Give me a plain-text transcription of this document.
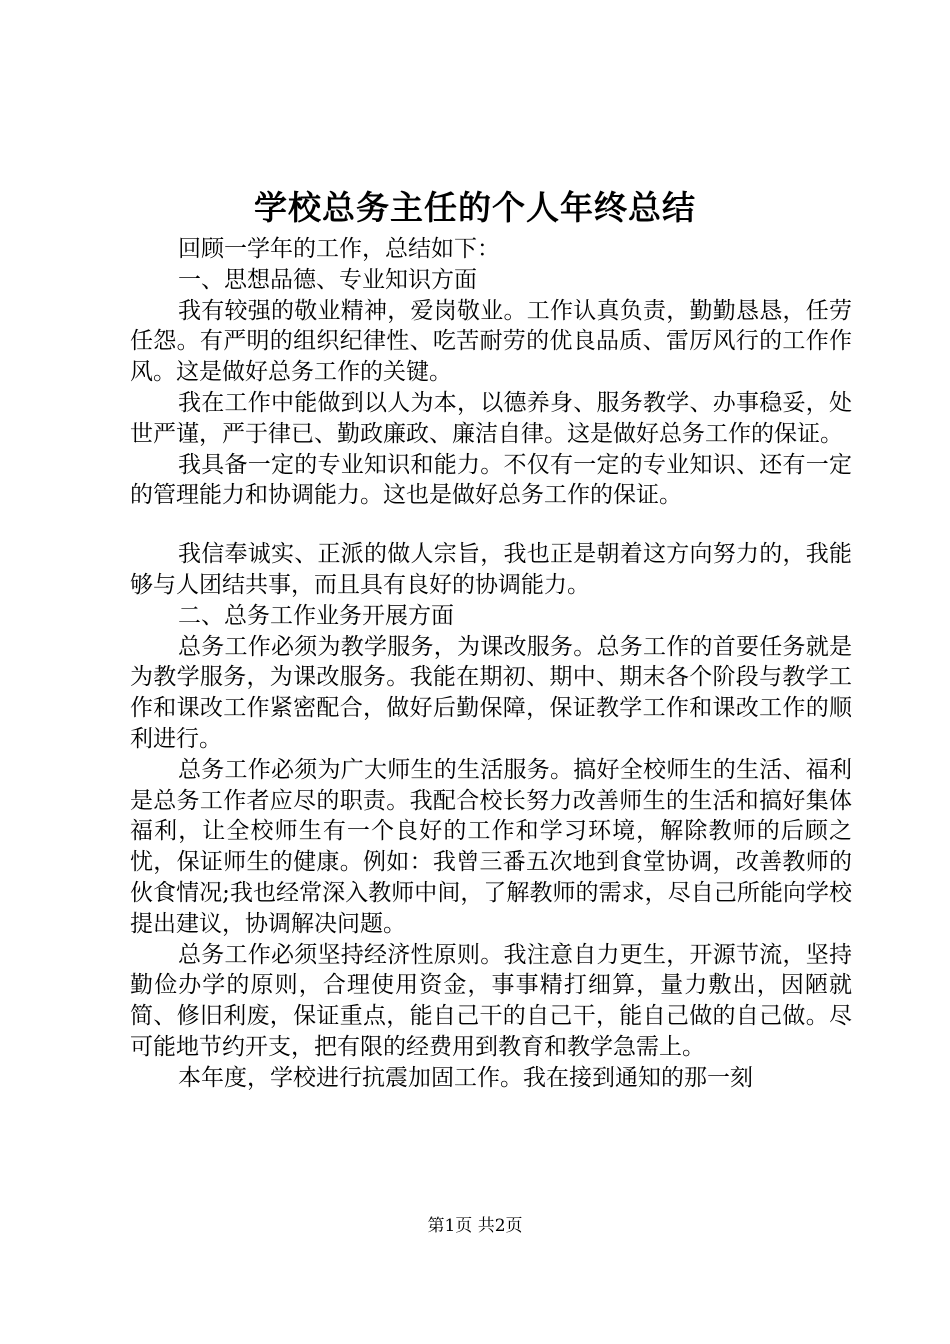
学校总务主任的个人年终总结

回顾一学年的工作，总结如下：

一、思想品德、专业知识方面

我有较强的敬业精神，爱岗敬业。工作认真负责，勤勤恳恳，任劳任怨。有严明的组织纪律性、吃苦耐劳的优良品质、雷厉风行的工作作风。这是做好总务工作的关键。

我在工作中能做到以人为本，以德养身、服务教学、办事稳妥，处世严谨，严于律已、勤政廉政、廉洁自律。这是做好总务工作的保证。

我具备一定的专业知识和能力。不仅有一定的专业知识、还有一定的管理能力和协调能力。这也是做好总务工作的保证。

我信奉诚实、正派的做人宗旨，我也正是朝着这方向努力的，我能够与人团结共事，而且具有良好的协调能力。

二、总务工作业务开展方面

总务工作必须为教学服务，为课改服务。总务工作的首要任务就是为教学服务，为课改服务。我能在期初、期中、期末各个阶段与教学工作和课改工作紧密配合，做好后勤保障，保证教学工作和课改工作的顺利进行。

总务工作必须为广大师生的生活服务。搞好全校师生的生活、福利是总务工作者应尽的职责。我配合校长努力改善师生的生活和搞好集体福利，让全校师生有一个良好的工作和学习环境，解除教师的后顾之忧，保证师生的健康。例如：我曾三番五次地到食堂协调，改善教师的伙食情况;我也经常深入教师中间，了解教师的需求，尽自己所能向学校提出建议，协调解决问题。

总务工作必须坚持经济性原则。我注意自力更生，开源节流，坚持勤俭办学的原则，合理使用资金，事事精打细算，量力敷出，因陋就简、修旧利废，保证重点，能自己干的自己干，能自己做的自己做。尽可能地节约开支，把有限的经费用到教育和教学急需上。

本年度，学校进行抗震加固工作。我在接到通知的那一刻

第1页 共2页
